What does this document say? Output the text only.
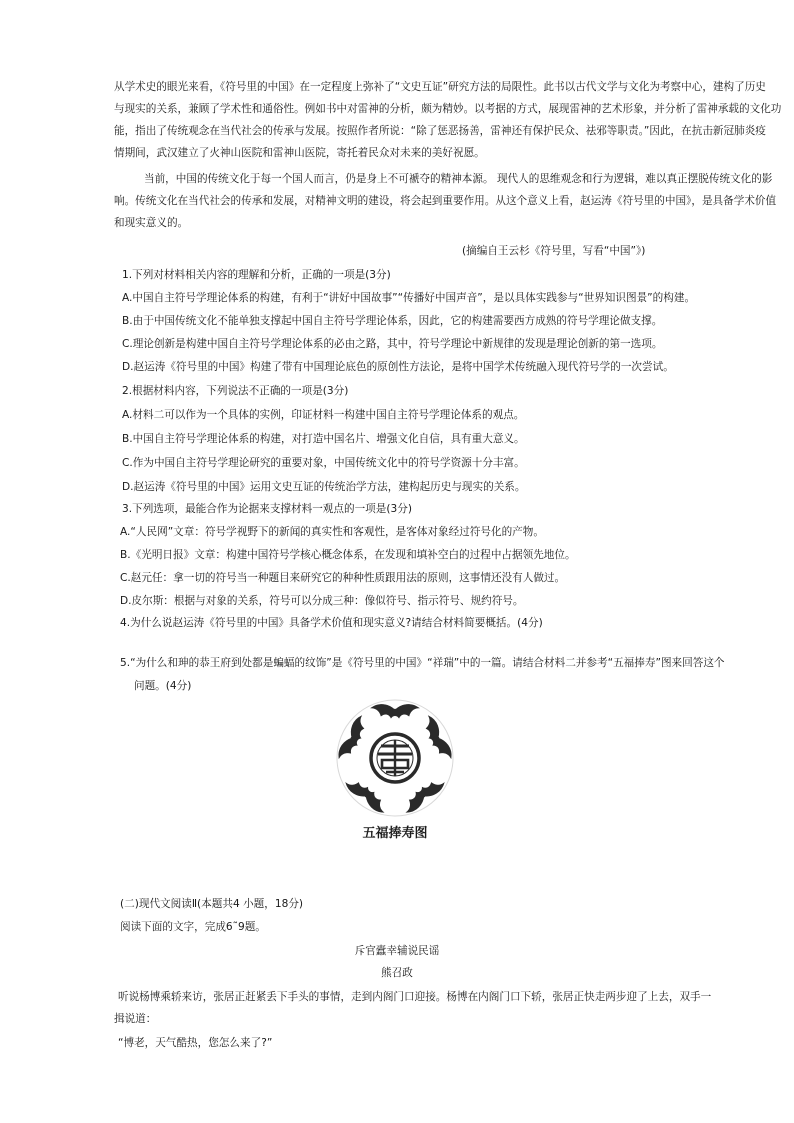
从学术史的眼光来看，《符号里的中国》在一定程度上弥补了“文史互证”研究方法的局限性。此书以古代文学与文化为考察中心，建构了历史
与现实的关系，兼顾了学术性和通俗性。例如书中对雷神的分析，颇为精妙。以考据的方式，展现雷神的艺术形象，并分析了雷神承载的文化功
能，指出了传统观念在当代社会的传承与发展。按照作者所说：“除了惩恶扬善，雷神还有保护民众、祛邪等职责。”因此，在抗击新冠肺炎疫
情期间，武汉建立了火神山医院和雷神山医院，寄托着民众对未来的美好祝愿。
当前，中国的传统文化于每一个国人而言，仍是身上不可褫夺的精神本源。 现代人的思维观念和行为逻辑，难以真正摆脱传统文化的影
响。传统文化在当代社会的传承和发展，对精神文明的建设，将会起到重要作用。从这个意义上看，赵运涛《符号里的中国》，是具备学术价值
和现实意义的。
(摘编自王云杉《符号里，写看“中国”》)
1.下列对材料相关内容的理解和分析，正确的一项是(3分)
A.中国自主符号学理论体系的构建，有利于“讲好中国故事”“传播好中国声音”，是以具体实践参与“世界知识图景”的构建。
B.由于中国传统文化不能单独支撑起中国自主符号学理论体系，因此，它的构建需要西方成熟的符号学理论做支撑。
C.理论创新是构建中国自主符号学理论体系的必由之路，其中，符号学理论中新规律的发现是理论创新的第一选项。
D.赵运涛《符号里的中国》构建了带有中国理论底色的原创性方法论，是将中国学术传统融入现代符号学的一次尝试。
2.根据材料内容，下列说法不正确的一项是(3分)
A.材料二可以作为一个具体的实例，印证材料一构建中国自主符号学理论体系的观点。
B.中国自主符号学理论体系的构建，对打造中国名片、增强文化自信，具有重大意义。
C.作为中国自主符号学理论研究的重要对象，中国传统文化中的符号学资源十分丰富。
D.赵运涛《符号里的中国》运用文史互证的传统治学方法，建构起历史与现实的关系。
3.下列选项，最能合作为论据来支撑材料一观点的一项是(3分)
A.“人民网”文章：符号学视野下的新闻的真实性和客观性，是客体对象经过符号化的产物。
B.《光明日报》文章：构建中国符号学核心概念体系，在发现和填补空白的过程中占据领先地位。
C.赵元任：拿一切的符号当一种题目来研究它的种种性质跟用法的原则，这事情还没有人做过。
D.皮尔斯：根据与对象的关系，符号可以分成三种：像似符号、指示符号、规约符号。
4.为什么说赵运涛《符号里的中国》具备学术价值和现实意义?请结合材料简要概括。(4分)
5.“为什么和珅的恭王府到处都是蝙蝠的纹饰”是《符号里的中国》“祥瑞”中的一篇。请结合材料二并参考“五福捧寿”图来回答这个
问题。(4分)
五福捧寿图
(二)现代文阅读Ⅱ(本题共4 小题，18分)
阅读下面的文字，完成6˜9题。
斥官蠹幸辅说民谣
熊召政
听说杨博乘轿来访，张居正赶紧丢下手头的事情，走到内阁门口迎接。杨博在内阁门口下轿，张居正快走两步迎了上去，双手一
揖说道：
“博老，天气酷热，您怎么来了?”
